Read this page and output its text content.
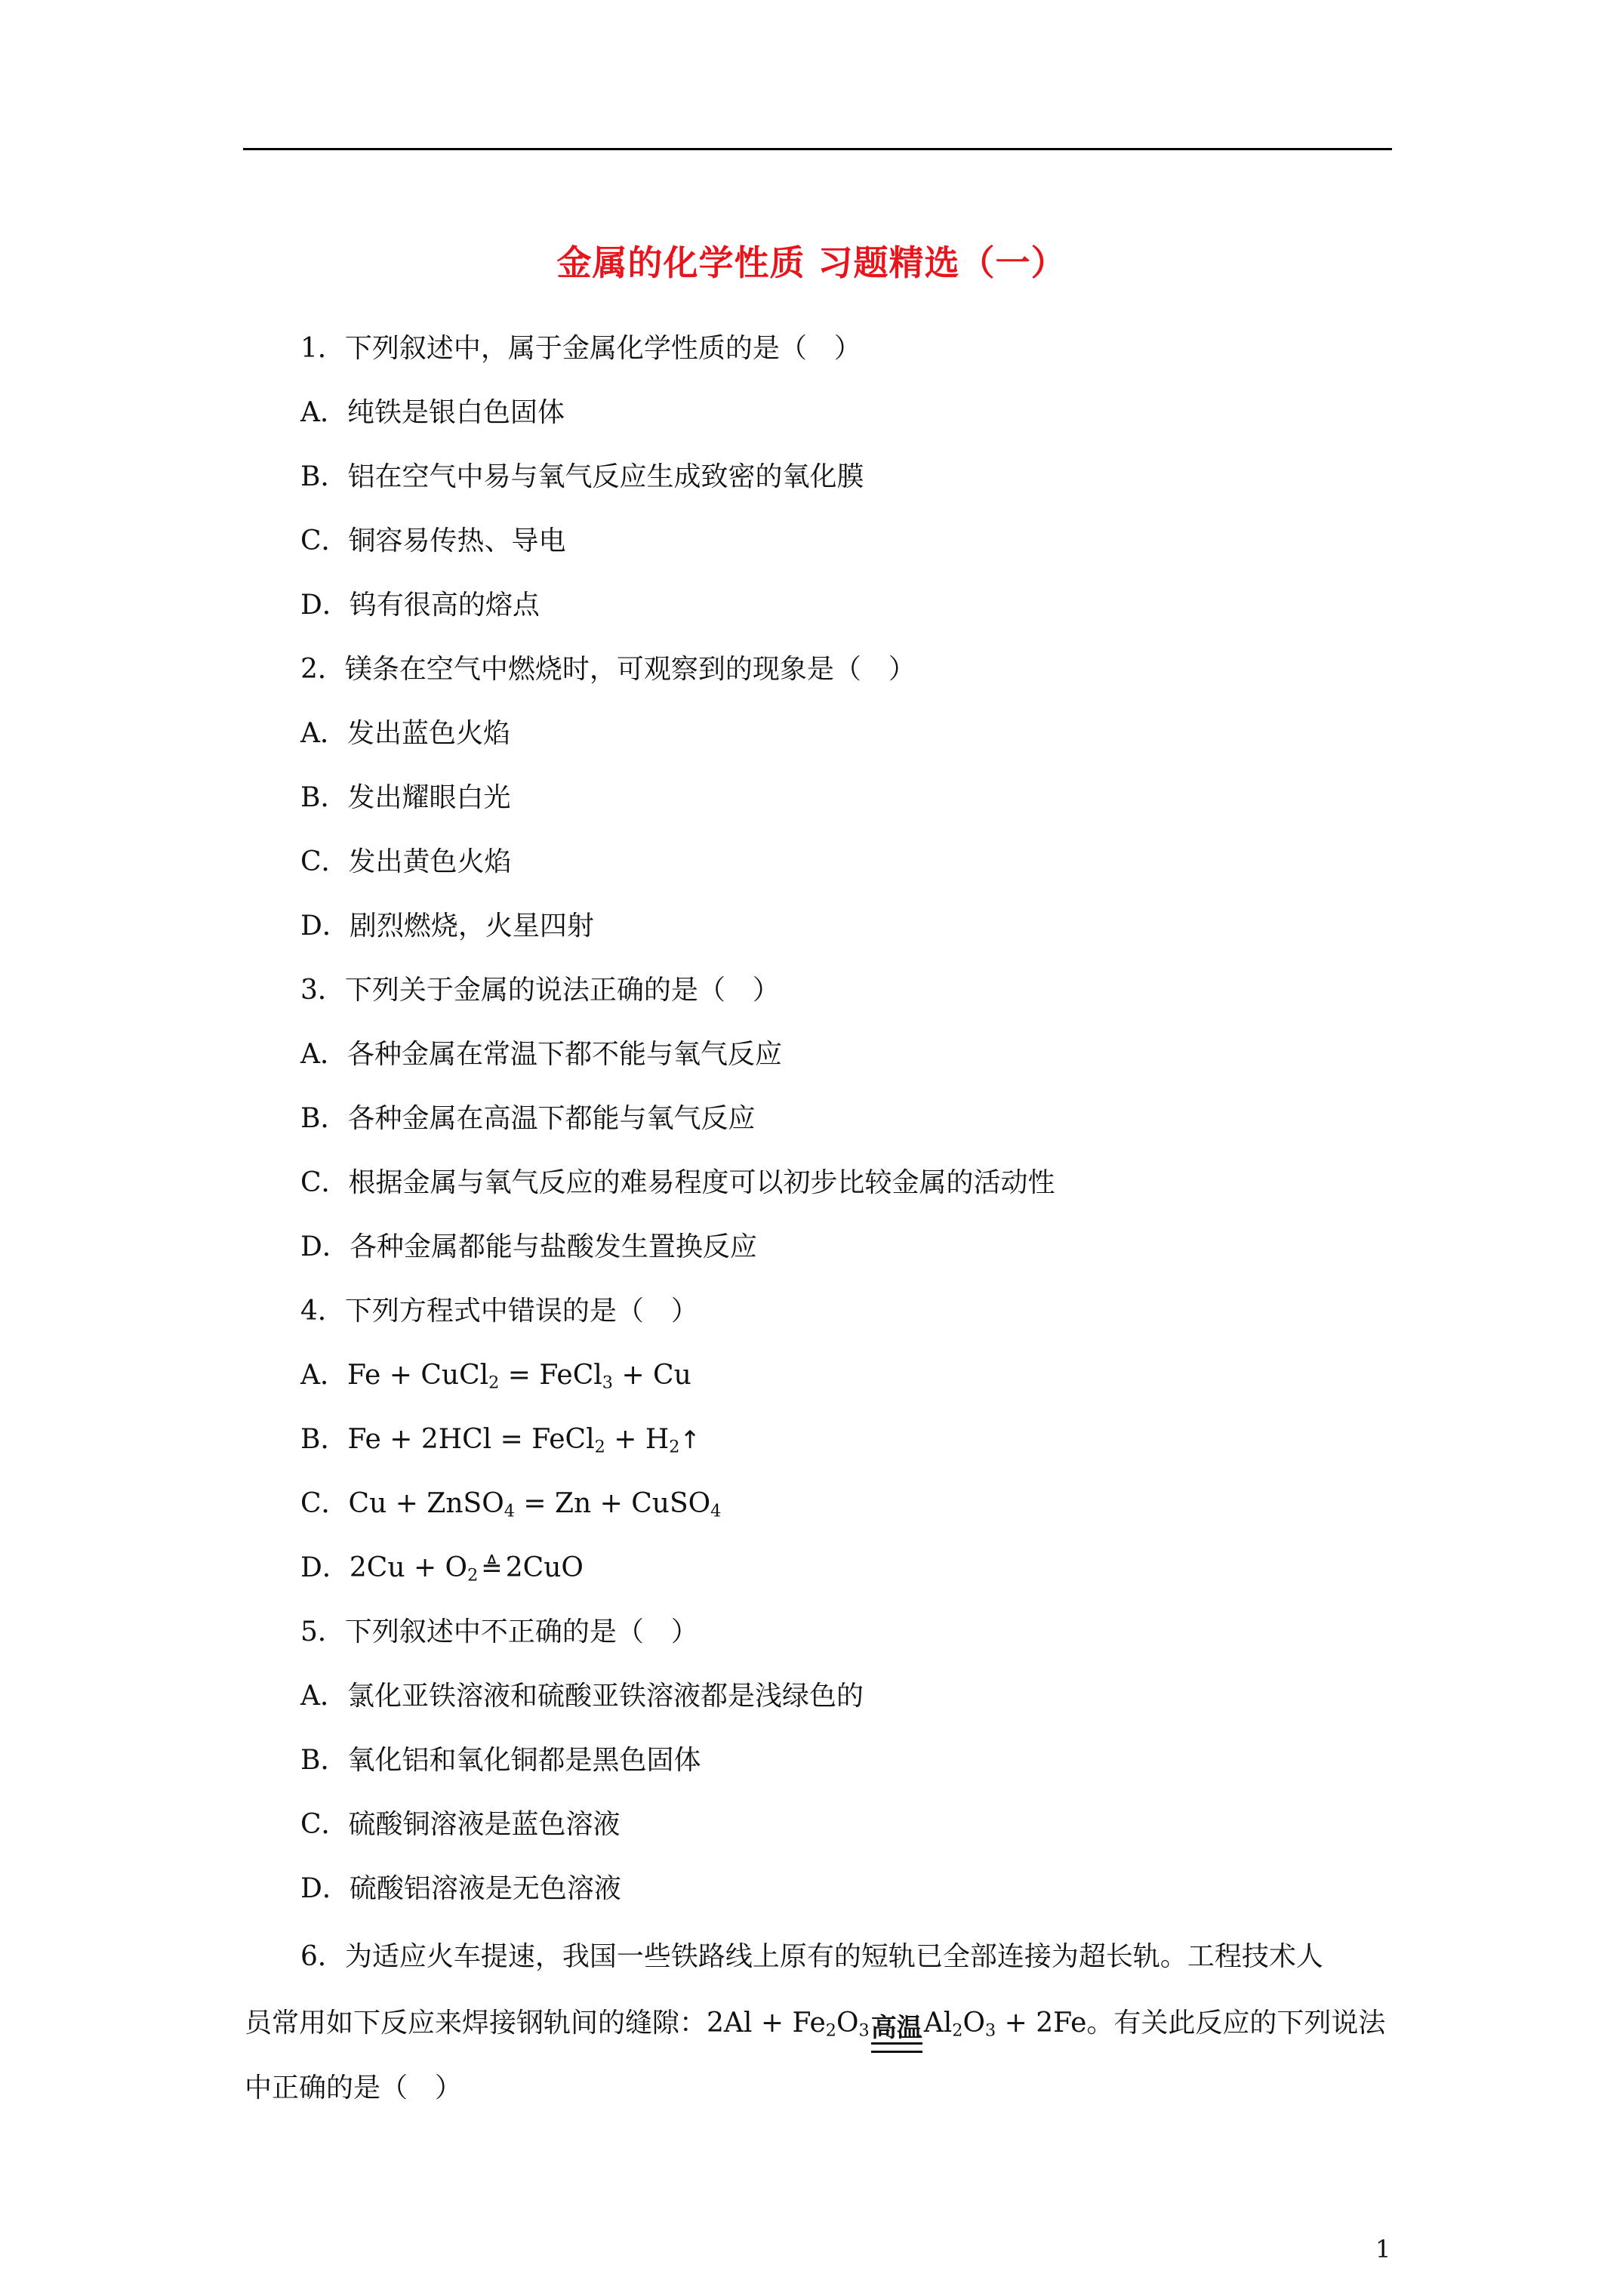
金属的化学性质 习题精选（一）
1．下列叙述中，属于金属化学性质的是（　）
A．纯铁是银白色固体
B．铝在空气中易与氧气反应生成致密的氧化膜
C．铜容易传热、导电
D．钨有很高的熔点
2．镁条在空气中燃烧时，可观察到的现象是（　）
A．发出蓝色火焰
B．发出耀眼白光
C．发出黄色火焰
D．剧烈燃烧，火星四射
3．下列关于金属的说法正确的是（　）
A．各种金属在常温下都不能与氧气反应
B．各种金属在高温下都能与氧气反应
C．根据金属与氧气反应的难易程度可以初步比较金属的活动性
D．各种金属都能与盐酸发生置换反应
4．下列方程式中错误的是（　）
A．Fe + CuCl$_2$ = FeCl$_3$ + Cu
B．Fe + 2HCl = FeCl$_2$ + $H_2↑$
C．Cu + ZnSO$_4$ = Zn + CuSO$_4$
D．$2Cu + O_2$ ≜ 2CuO
5．下列叙述中不正确的是（　）
A．氯化亚铁溶液和硫酸亚铁溶液都是浅绿色的
B．氧化铝和氧化铜都是黑色固体
C．硫酸铜溶液是蓝色溶液
D．硫酸铝溶液是无色溶液
6．为适应火车提速，我国一些铁路线上原有的短轨已全部连接为超长轨。工程技术人
员常用如下反应来焊接钢轨间的缝隙：$2Al + Fe_2O_3$ 高温 $Al_2O_3 + 2Fe$。有关此反应的下列说法
中正确的是（　）
1
